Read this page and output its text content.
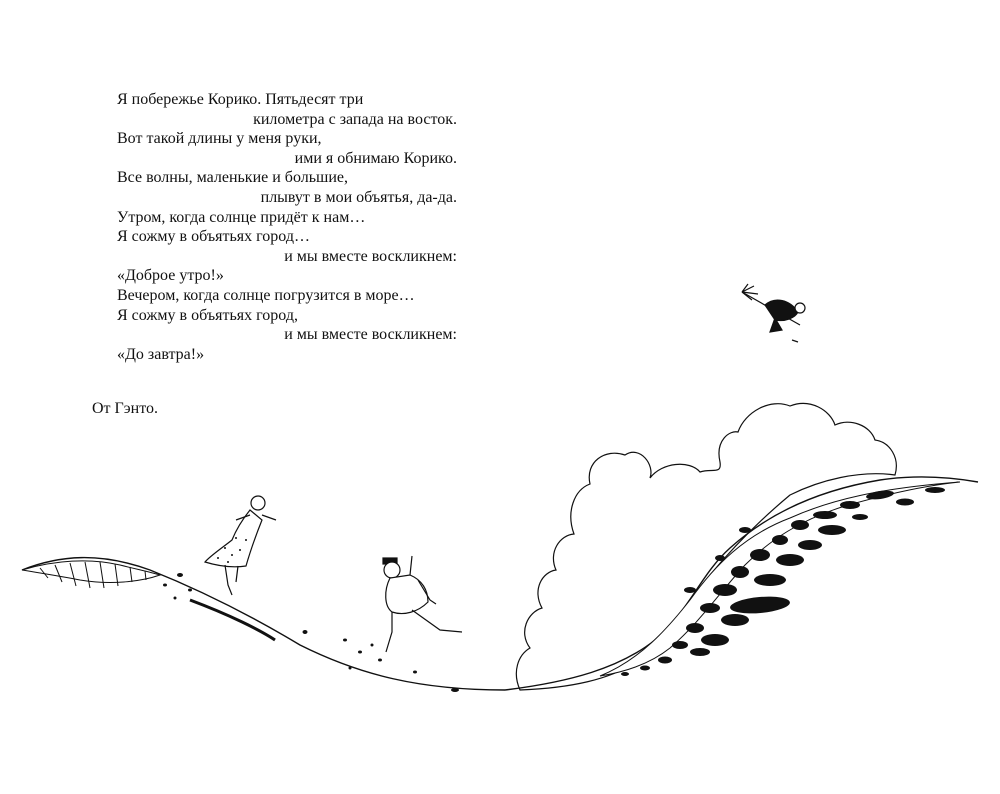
Я побережье Корико. Пятьдесят три
километра с запада на восток.
Вот такой длины у меня руки,
ими я обнимаю Корико.
Все волны, маленькие и большие,
плывут в мои объятья, да-да.
Утром, когда солнце придёт к нам…
Я сожму в объятьях город…
и мы вместе воскликнем:
«Доброе утро!»
Вечером, когда солнце погрузится в море…
Я сожму в объятьях город,
и мы вместе воскликнем:
«До завтра!»
От Гэнто.
